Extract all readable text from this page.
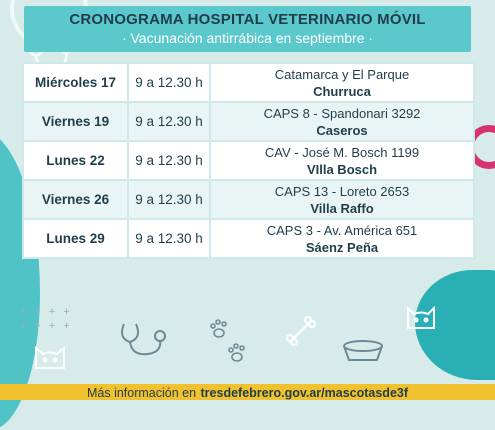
CRONOGRAMA HOSPITAL VETERINARIO MÓVIL
· Vacunación antirrábica en septiembre ·
Miércoles 17	9 a 12.30 h	Catamarca y El Parque
Churruca

Viernes 19	9 a 12.30 h	CAPS 8 - Spandonari 3292
Caseros

Lunes 22	9 a 12.30 h	CAV - José M. Bosch 1199
VIlla Bosch

Viernes 26	9 a 12.30 h	CAPS 13 - Loreto 2653
Villa Raffo

Lunes 29	9 a 12.30 h	CAPS 3 - Av. América 651
Sáenz Peña
++++
++++
Más información en tresdefebrero.gov.ar/mascotasde3f
